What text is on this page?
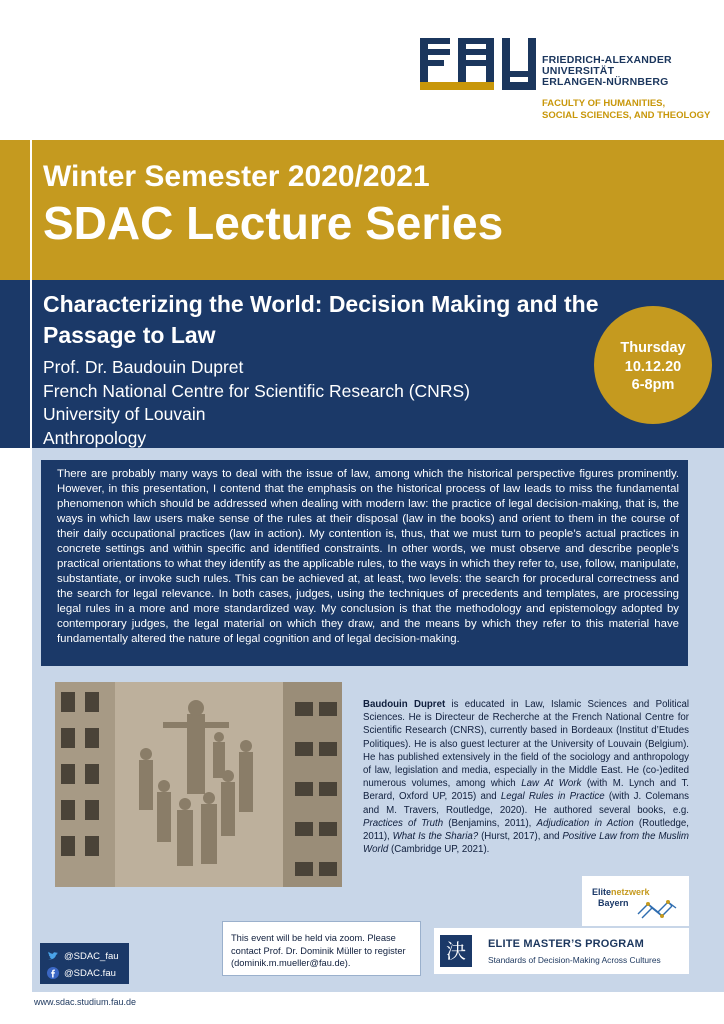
FRIEDRICH-ALEXANDER
UNIVERSITÄT
ERLANGEN-NÜRNBERG
FACULTY OF HUMANITIES,
SOCIAL SCIENCES, AND THEOLOGY
Winter Semester 2020/2021
SDAC Lecture Series
Characterizing the World: Decision Making and the Passage to Law
Prof. Dr. Baudouin Dupret
French National Centre for Scientific Research (CNRS)
University of Louvain
Anthropology
Thursday
10.12.20
6-8pm
There are probably many ways to deal with the issue of law, among which the historical perspective figures prominently. However, in this presentation, I contend that the emphasis on the historical process of law leads to miss the fundamental phenomenon which should be addressed when dealing with modern law: the practice of legal decision-making, that is, the ways in which law users make sense of the rules at their disposal (law in the books) and orient to them in the course of their daily occupational practices (law in action). My contention is, thus, that we must turn to people’s actual practices in concrete settings and within specific and identified constraints. In other words, we must observe and describe people’s practical orientations to what they identify as the applicable rules, to the ways in which they refer to, use, follow, manipulate, substantiate, or invoke such rules. This can be achieved at, at least, two levels: the search for procedural correctness and the search for legal relevance. In both cases, judges, using the techniques of precedents and templates, are processing legal rules in a more and more standardized way. My conclusion is that the methodology and epistemology adopted by contemporary judges, the legal material on which they draw, and the means by which they refer to this material have fundamentally altered the nature of legal cognition and of legal decision-making.
Baudouin Dupret is educated in Law, Islamic Sciences and Political Sciences. He is Directeur de Recherche at the French National Centre for Scientific Research (CNRS), currently based in Bordeaux (Institut d’Etudes Politiques). He is also guest lecturer at the University of Louvain (Belgium). He has published extensively in the field of the sociology and anthropology of law, legislation and media, especially in the Middle East. He (co-)edited numerous volumes, among which Law At Work (with M. Lynch and T. Berard, Oxford UP, 2015) and Legal Rules in Practice (with J. Colemans and M. Travers, Routledge, 2020). He authored several books, e.g. Practices of Truth (Benjamins, 2011), Adjudication in Action (Routledge, 2011), What Is the Sharia? (Hurst, 2017), and Positive Law from the Muslim World (Cambridge UP, 2021).
Elitenetzwerk
Bayern
This event will be held via zoom. Please contact Prof. Dr. Dominik Müller to register (dominik.m.mueller@fau.de).	決	ELITE MASTER’S PROGRAM
Standards of Decision-Making Across Cultures
@SDAC_fau
@SDAC.fau
www.sdac.studium.fau.de
